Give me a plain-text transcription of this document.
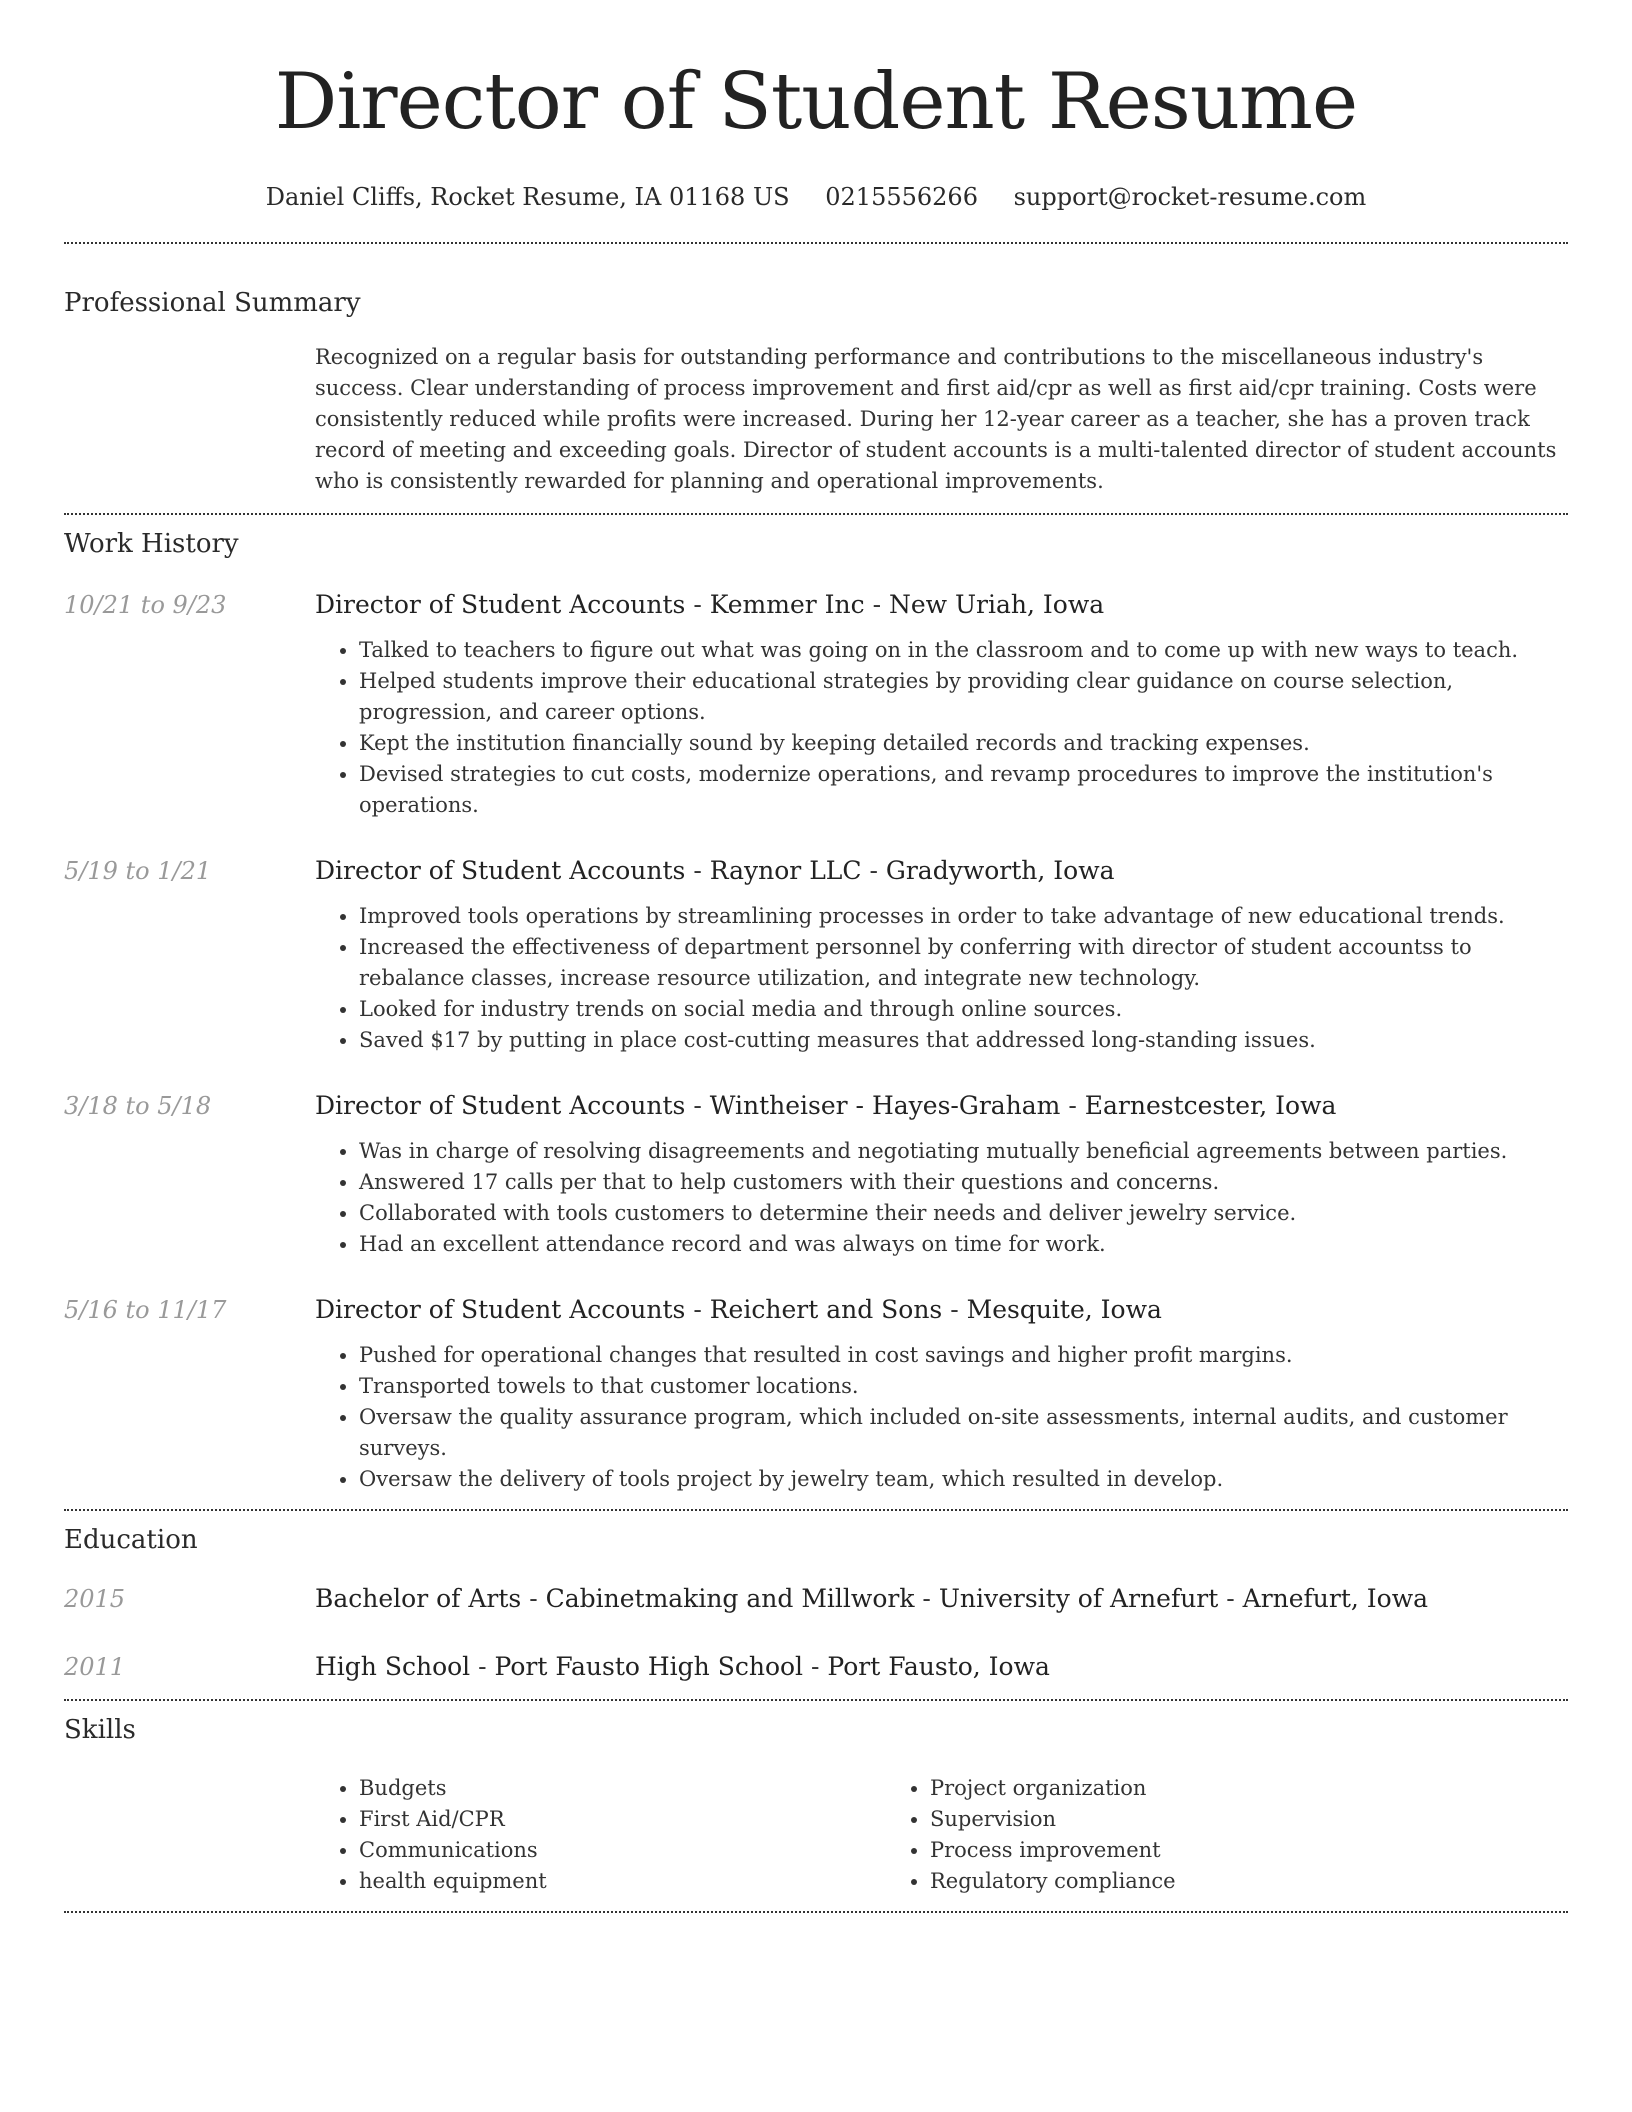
Director of Student Resume
Daniel Cliffs, Rocket Resume, IA 01168 US 0215556266 support@rocket-resume.com
Professional Summary
Recognized on a regular basis for outstanding performance and contributions to the miscellaneous industry's success. Clear understanding of process improvement and first aid/cpr as well as first aid/cpr training. Costs were consistently reduced while profits were increased. During her 12-year career as a teacher, she has a proven track record of meeting and exceeding goals. Director of student accounts is a multi-talented director of student accounts who is consistently rewarded for planning and operational improvements.
Work History
10/21 to 9/23	Director of Student Accounts - Kemmer Inc - New Uriah, Iowa
• Talked to teachers to figure out what was going on in the classroom and to come up with new ways to teach.
• Helped students improve their educational strategies by providing clear guidance on course selection, progression, and career options.
• Kept the institution financially sound by keeping detailed records and tracking expenses.
• Devised strategies to cut costs, modernize operations, and revamp procedures to improve the institution's operations.
5/19 to 1/21	Director of Student Accounts - Raynor LLC - Gradyworth, Iowa
• Improved tools operations by streamlining processes in order to take advantage of new educational trends.
• Increased the effectiveness of department personnel by conferring with director of student accountss to rebalance classes, increase resource utilization, and integrate new technology.
• Looked for industry trends on social media and through online sources.
• Saved $17 by putting in place cost-cutting measures that addressed long-standing issues.
3/18 to 5/18	Director of Student Accounts - Wintheiser - Hayes-Graham - Earnestcester, Iowa
• Was in charge of resolving disagreements and negotiating mutually beneficial agreements between parties.
• Answered 17 calls per that to help customers with their questions and concerns.
• Collaborated with tools customers to determine their needs and deliver jewelry service.
• Had an excellent attendance record and was always on time for work.
5/16 to 11/17	Director of Student Accounts - Reichert and Sons - Mesquite, Iowa
• Pushed for operational changes that resulted in cost savings and higher profit margins.
• Transported towels to that customer locations.
• Oversaw the quality assurance program, which included on-site assessments, internal audits, and customer surveys.
• Oversaw the delivery of tools project by jewelry team, which resulted in develop.
Education
2015	Bachelor of Arts - Cabinetmaking and Millwork - University of Arnefurt - Arnefurt, Iowa
2011	High School - Port Fausto High School - Port Fausto, Iowa
Skills
• Budgets
• First Aid/CPR
• Communications
• health equipment
• Project organization
• Supervision
• Process improvement
• Regulatory compliance
